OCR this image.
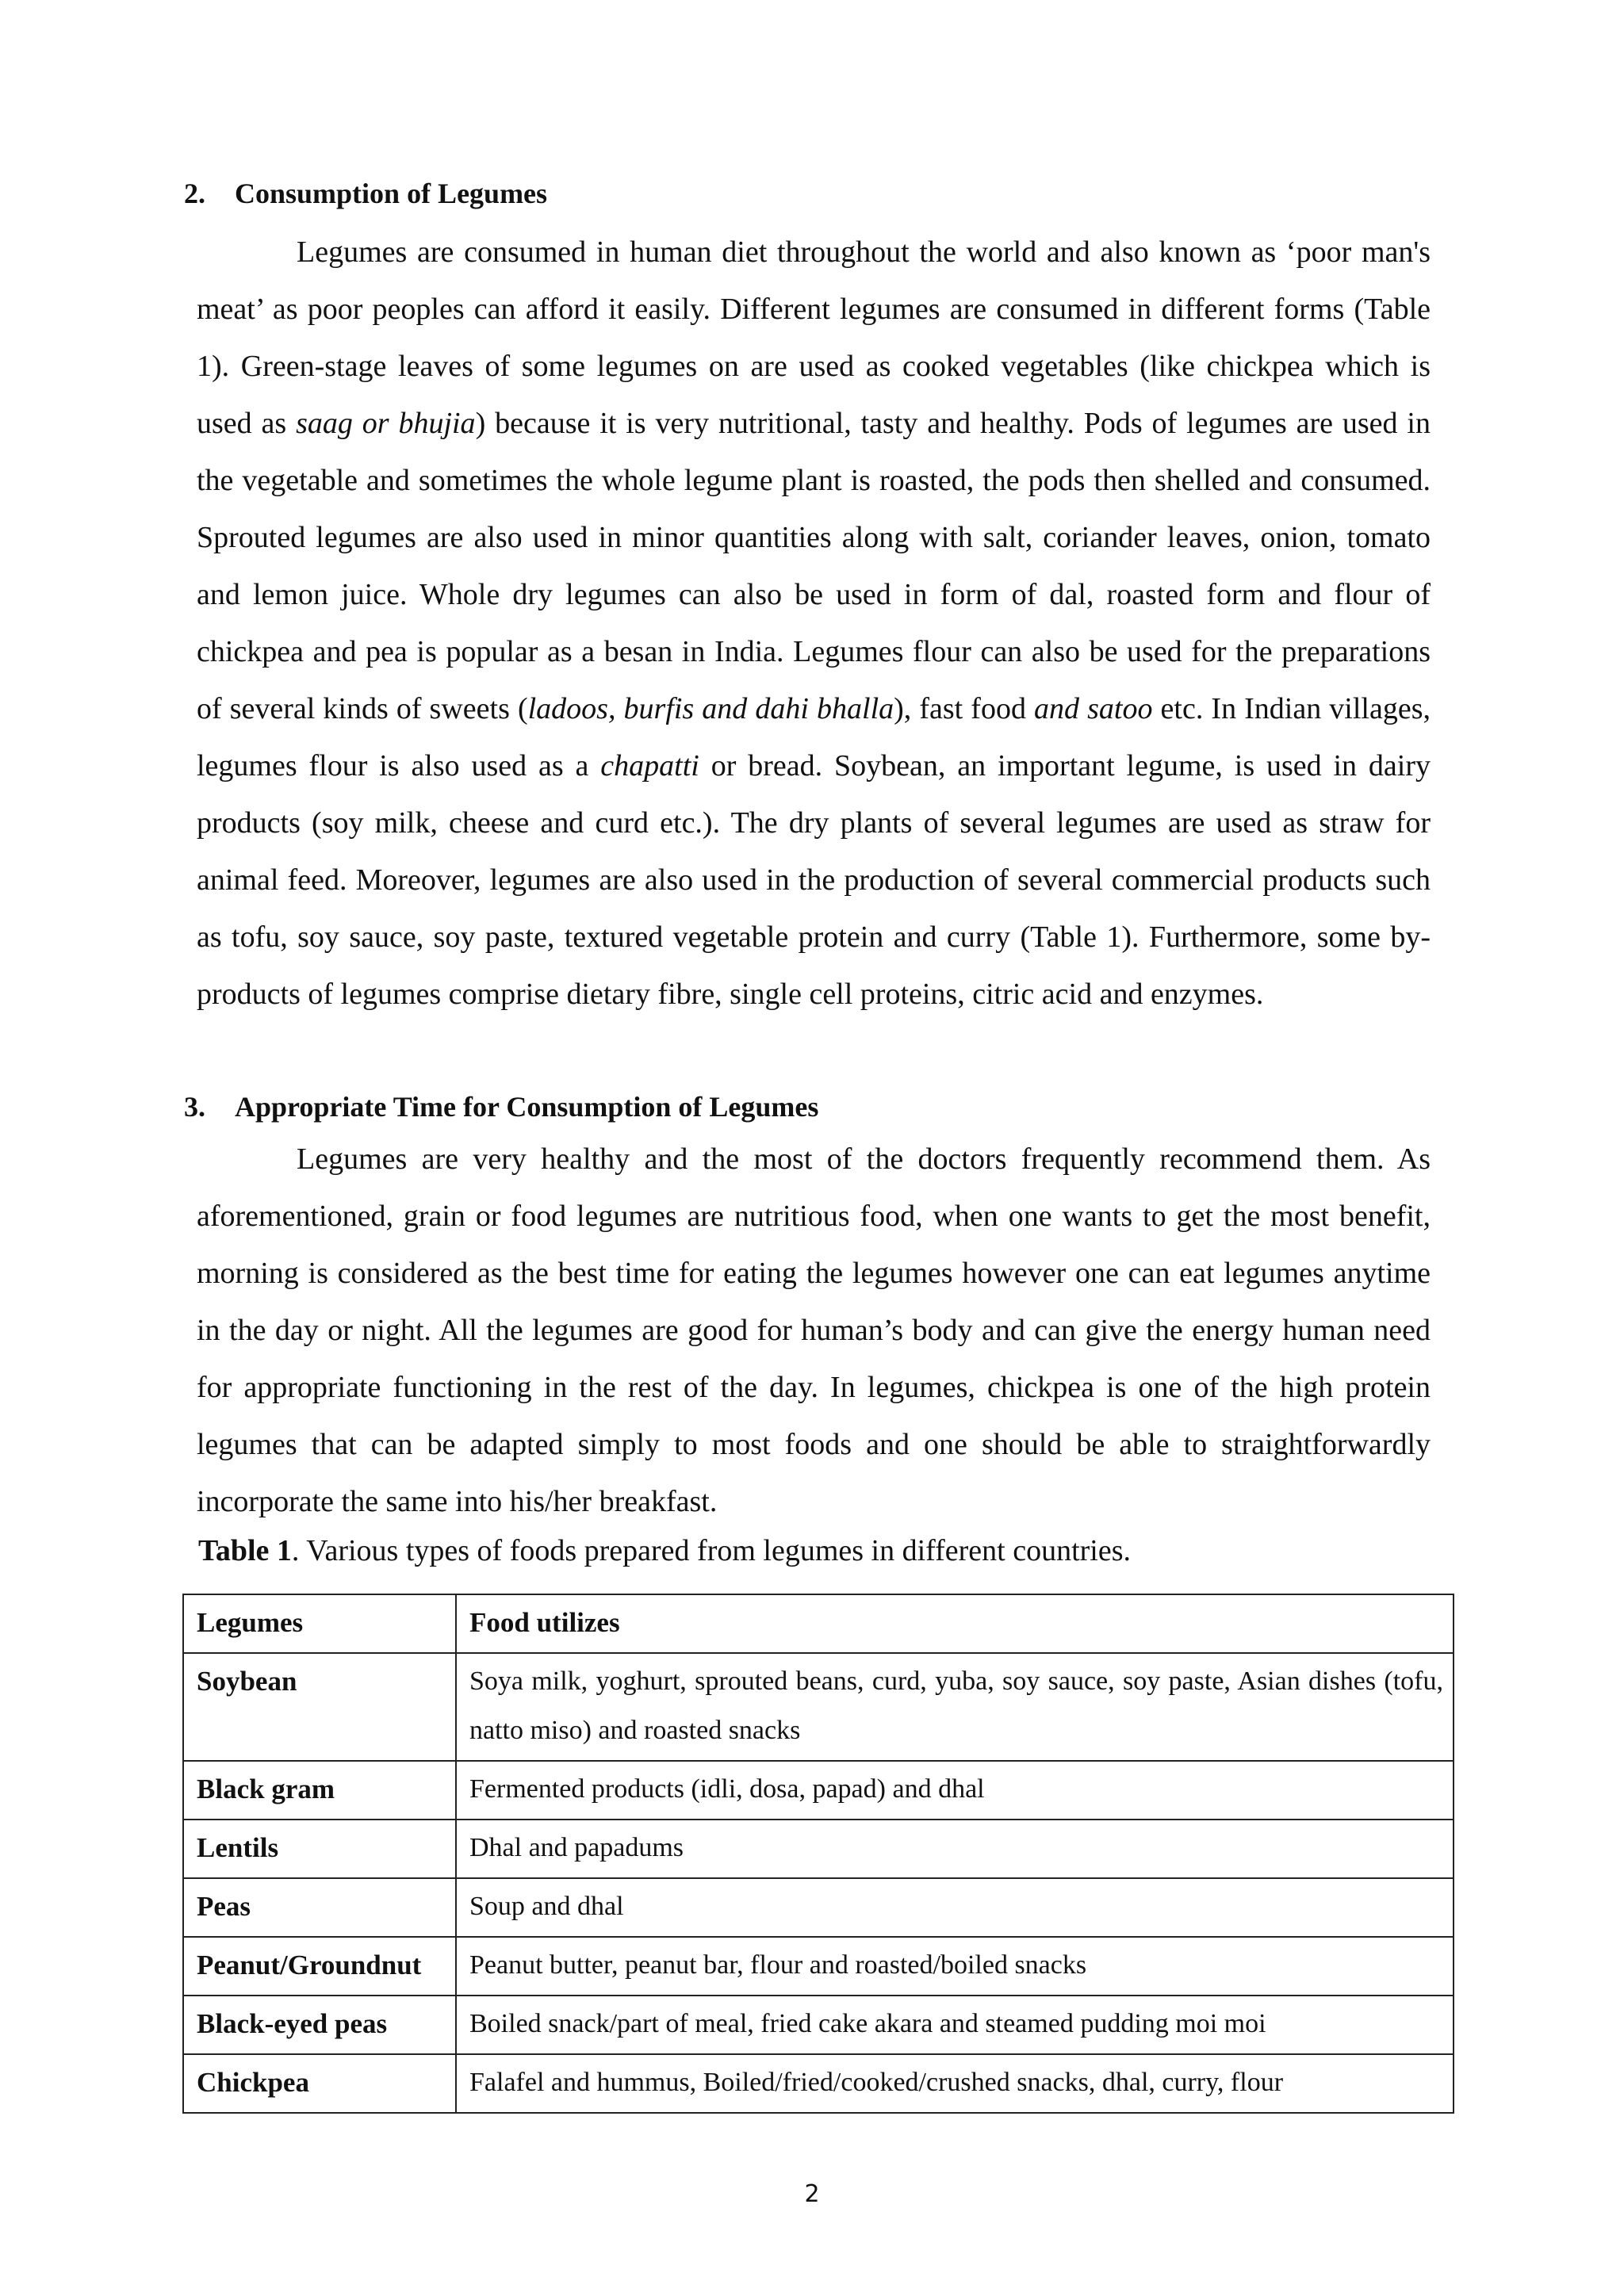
2. Consumption of Legumes
Legumes are consumed in human diet throughout the world and also known as ‘poor man's meat’ as poor peoples can afford it easily. Different legumes are consumed in different forms (Table 1). Green-stage leaves of some legumes on are used as cooked vegetables (like chickpea which is used as saag or bhujia) because it is very nutritional, tasty and healthy. Pods of legumes are used in the vegetable and sometimes the whole legume plant is roasted, the pods then shelled and consumed. Sprouted legumes are also used in minor quantities along with salt, coriander leaves, onion, tomato and lemon juice. Whole dry legumes can also be used in form of dal, roasted form and flour of chickpea and pea is popular as a besan in India. Legumes flour can also be used for the preparations of several kinds of sweets (ladoos, burfis and dahi bhalla), fast food and satoo etc. In Indian villages, legumes flour is also used as a chapatti or bread. Soybean, an important legume, is used in dairy products (soy milk, cheese and curd etc.). The dry plants of several legumes are used as straw for animal feed. Moreover, legumes are also used in the production of several commercial products such as tofu, soy sauce, soy paste, textured vegetable protein and curry (Table 1). Furthermore, some by-products of legumes comprise dietary fibre, single cell proteins, citric acid and enzymes.
3. Appropriate Time for Consumption of Legumes
Legumes are very healthy and the most of the doctors frequently recommend them. As aforementioned, grain or food legumes are nutritious food, when one wants to get the most benefit, morning is considered as the best time for eating the legumes however one can eat legumes anytime in the day or night. All the legumes are good for human’s body and can give the energy human need for appropriate functioning in the rest of the day. In legumes, chickpea is one of the high protein legumes that can be adapted simply to most foods and one should be able to straightforwardly incorporate the same into his/her breakfast.
Table 1. Various types of foods prepared from legumes in different countries.
Legumes	Food utilizes
Soybean	Soya milk, yoghurt, sprouted beans, curd, yuba, soy sauce, soy paste, Asian dishes (tofu, natto miso) and roasted snacks
Black gram	Fermented products (idli, dosa, papad) and dhal
Lentils	Dhal and papadums
Peas	Soup and dhal
Peanut/Groundnut	Peanut butter, peanut bar, flour and roasted/boiled snacks
Black-eyed peas	Boiled snack/part of meal, fried cake akara and steamed pudding moi moi
Chickpea	Falafel and hummus, Boiled/fried/cooked/crushed snacks, dhal, curry, flour
2
